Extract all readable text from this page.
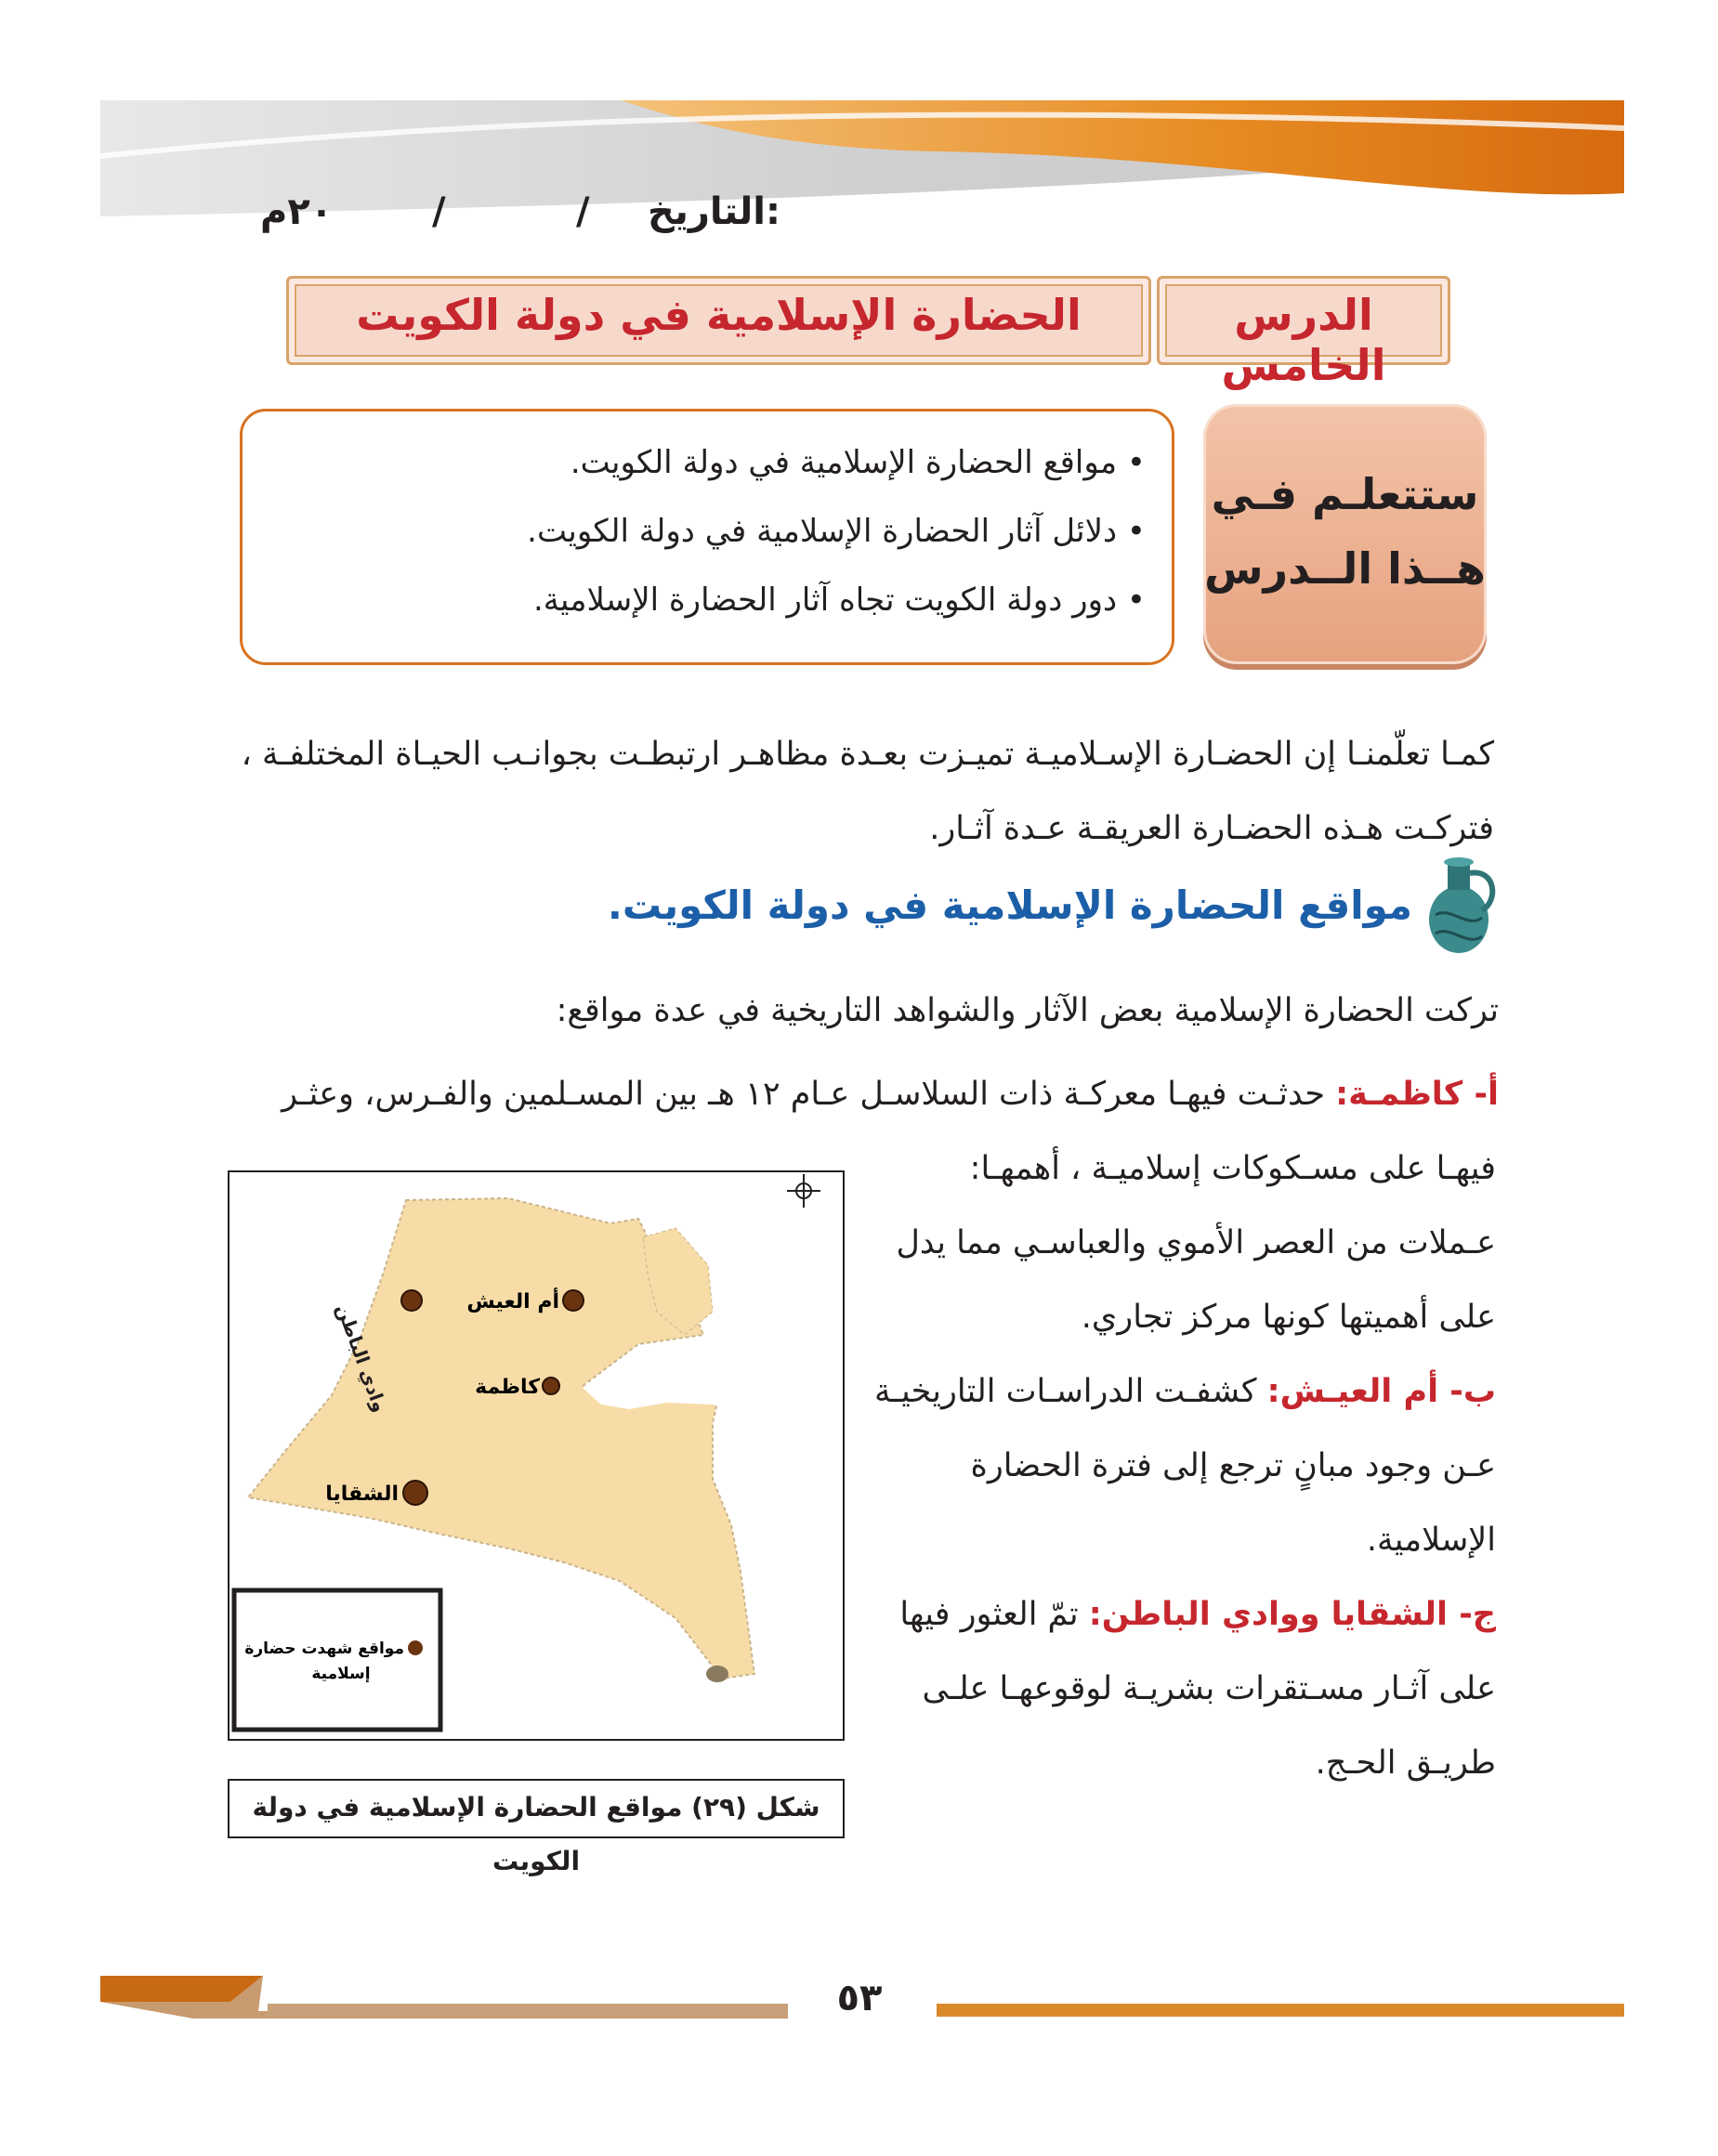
التاريخ:
/
/
٢٠م
الدرس الخامس
الحضارة الإسلامية في دولة الكويت
• مواقع الحضارة الإسلامية في دولة الكويت.
• دلائل آثار الحضارة الإسلامية في دولة الكويت.
• دور دولة الكويت تجاه آثار الحضارة الإسلامية.
ستتعلـم فـي
هــذا الــدرس
كمـا تعلّمنـا إن الحضـارة الإسـلاميـة تميـزت بعـدة مظاهـر ارتبطـت بجوانـب الحيـاة المختلفـة ، فتركـت هـذه الحضـارة العريقـة عـدة آثـار.
مواقع الحضارة الإسلامية في دولة الكويت.
تركت الحضارة الإسلامية بعض الآثار والشواهد التاريخية في عدة مواقع:
أ- كاظمـة: حدثـت فيهـا معركـة ذات السلاسـل عـام ١٢ هـ بين المسـلمين والفـرس، وعثـر
فيهـا على مسـكوكات إسلاميـة ، أهمهـا:
عـملات من العصر الأموي والعباسـي مما يدل
على أهميتها كونها مركز تجاري.
ب- أم العيـش: كشفـت الدراسـات التاريخيـة
عـن وجود مبانٍ ترجع إلى فترة الحضارة
الإسلامية.
ج- الشقايا ووادي الباطن: تمّ العثور فيها
على آثـار مسـتقرات بشريـة لوقوعهـا علـى
طريـق الحـج.
وادي الباطن	أم العيش
كاظمة
الشقايا
مواقع شهدت حضارة
إسلامية
شكل (٢٩) مواقع الحضارة الإسلامية في دولة الكويت
٥٣
